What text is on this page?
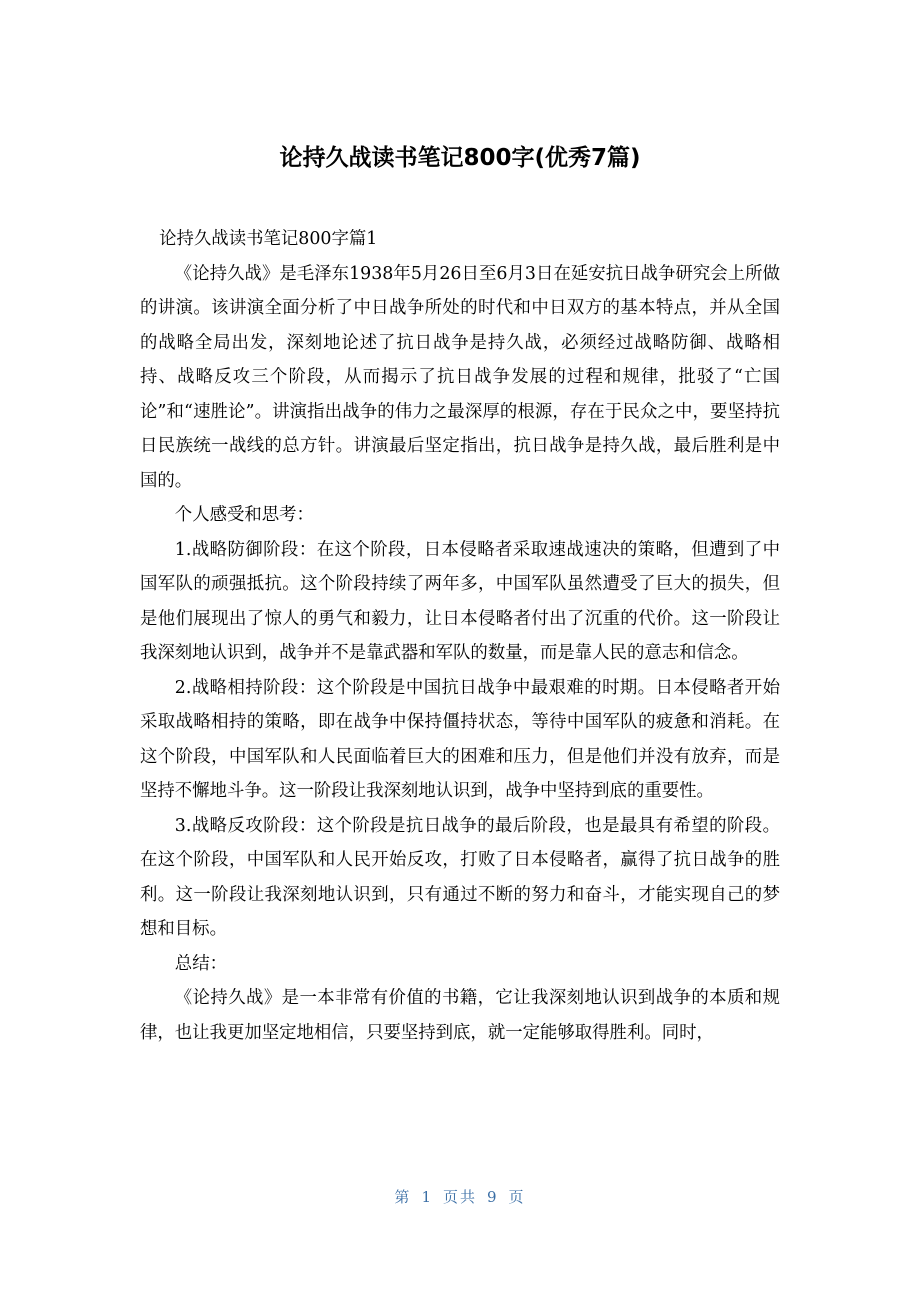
论持久战读书笔记800字(优秀7篇)

论持久战读书笔记800字篇1

《论持久战》是毛泽东1938年5月26日至6月3日在延安抗日战争研究会上所做的讲演。该讲演全面分析了中日战争所处的时代和中日双方的基本特点，并从全国的战略全局出发，深刻地论述了抗日战争是持久战，必须经过战略防御、战略相持、战略反攻三个阶段，从而揭示了抗日战争发展的过程和规律，批驳了“亡国论”和“速胜论”。讲演指出战争的伟力之最深厚的根源，存在于民众之中，要坚持抗日民族统一战线的总方针。讲演最后坚定指出，抗日战争是持久战，最后胜利是中国的。

个人感受和思考：

1.战略防御阶段：在这个阶段，日本侵略者采取速战速决的策略，但遭到了中国军队的顽强抵抗。这个阶段持续了两年多，中国军队虽然遭受了巨大的损失，但是他们展现出了惊人的勇气和毅力，让日本侵略者付出了沉重的代价。这一阶段让我深刻地认识到，战争并不是靠武器和军队的数量，而是靠人民的意志和信念。

2.战略相持阶段：这个阶段是中国抗日战争中最艰难的时期。日本侵略者开始采取战略相持的策略，即在战争中保持僵持状态，等待中国军队的疲惫和消耗。在这个阶段，中国军队和人民面临着巨大的困难和压力，但是他们并没有放弃，而是坚持不懈地斗争。这一阶段让我深刻地认识到，战争中坚持到底的重要性。

3.战略反攻阶段：这个阶段是抗日战争的最后阶段，也是最具有希望的阶段。在这个阶段，中国军队和人民开始反攻，打败了日本侵略者，赢得了抗日战争的胜利。这一阶段让我深刻地认识到，只有通过不断的努力和奋斗，才能实现自己的梦想和目标。

总结：

《论持久战》是一本非常有价值的书籍，它让我深刻地认识到战争的本质和规律，也让我更加坚定地相信，只要坚持到底，就一定能够取得胜利。同时，

第 1 页共 9 页
